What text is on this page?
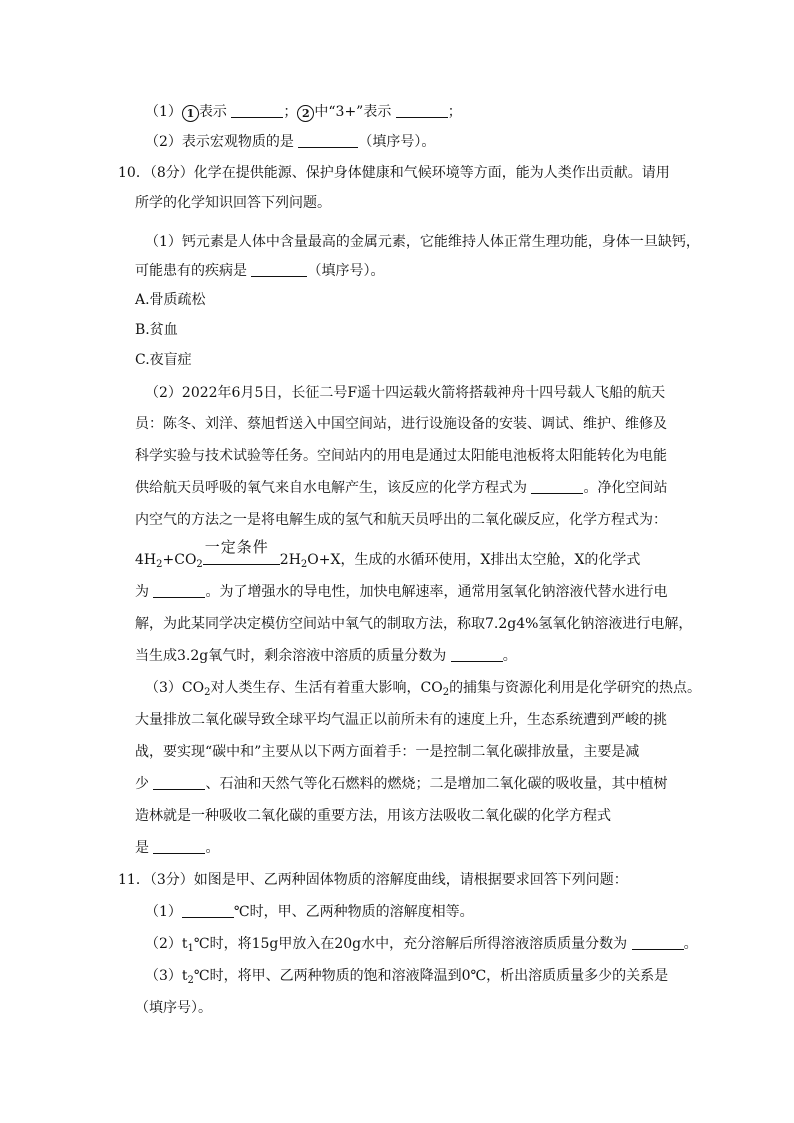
（1） 1 表示	； 2 中“3+”表示	；
（2）表示宏观物质的是	（填序号）。
10．（8分）化学在提供能源、保护身体健康和气候环境等方面，能为人类作出贡献。请用
所学的化学知识回答下列问题。
（1）钙元素是人体中含量最高的金属元素，它能维持人体正常生理功能，身体一旦缺钙，
可能患有的疾病是	（填序号）。
A.骨质疏松
B.贫血
C.夜盲症
（2）2022年6月5日，长征二号F遥十四运载火箭将搭载神舟十四号载人飞船的航天
员：陈冬、刘洋、蔡旭哲送入中国空间站，进行设施设备的安装、调试、维护、维修及
科学实验与技术试验等任务。空间站内的用电是通过太阳能电池板将太阳能转化为电能
供给航天员呼吸的氧气来自水电解产生，该反应的化学方程式为	。净化空间站
内空气的方法之一是将电解生成的氢气和航天员呼出的二氧化碳反应，化学方程式为：
$4H_2+CO_2$
一定条件
$2H_2O+X$，生成的水循环使用，X排出太空舱，X的化学式
为	。为了增强水的导电性，加快电解速率，通常用氢氧化钠溶液代替水进行电
解，为此某同学决定模仿空间站中氧气的制取方法，称取7.2g4%氢氧化钠溶液进行电解，
当生成3.2g氧气时，剩余溶液中溶质的质量分数为	。
$(3)CO_2$对人类生存、生活有着重大影响，$CO_2$的捕集与资源化利用是化学研究的热点。
大量排放二氧化碳导致全球平均气温正以前所未有的速度上升，生态系统遭到严峻的挑
战，要实现“碳中和”主要从以下两方面着手：一是控制二氧化碳排放量，主要是减
少	、石油和天然气等化石燃料的燃烧；二是增加二氧化碳的吸收量，其中植树
造林就是一种吸收二氧化碳的重要方法，用该方法吸收二氧化碳的化学方程式
是	。
11．（3分）如图是甲、乙两种固体物质的溶解度曲线，请根据要求回答下列问题：
（1）	℃时，甲、乙两种物质的溶解度相等。
$(2)t_1℃$时，将15g甲放入在20g水中，充分溶解后所得溶液溶质质量分数为	。
$(3)t_2℃$时，将甲、乙两种物质的饱和溶液降温到0℃，析出溶质质量多少的关系是
（填序号）。
